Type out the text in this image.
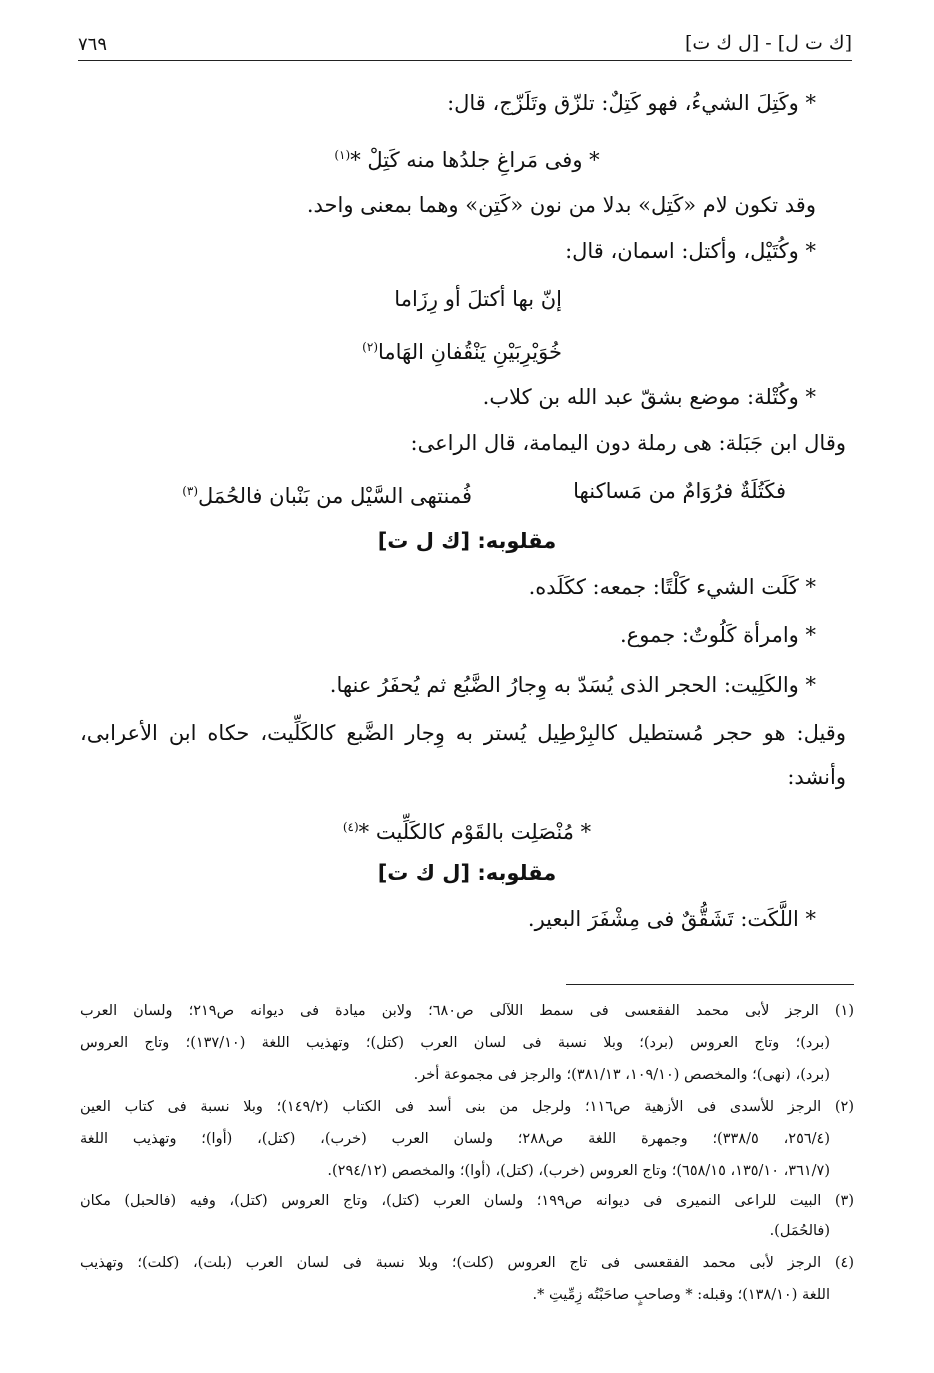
[ك ت ل] - [ل ك ت]
٧٦٩
* وكَتِلَ الشيءُ، فهو كَتِلٌ: تلزّق وتَلَزّج، قال:
* وفى مَراغِ جلدُها منه كَتِلْ *$^{(١)}$
وقد تكون لام «كَتِل» بدلا من نون «كَتِن» وهما بمعنى واحد.
* وكُتَيْل، وأكتل: اسمان، قال:
إنّ بها أكتلَ أو رِزَاما
خُوَيْرِبَيْنِ يَنْقُفانِ الهَاما$^{(٢)}$
* وكُتْلة: موضع بشقّ عبد الله بن كلاب.
وقال ابن جَبَلة: هى رملة دون اليمامة، قال الراعى:
فكَتُلَةٌ فرُوَامٌ من مَساكنها
فُمنتهى السَّيْل من بَنْبان فالحُمَل$^{(٣)}$
مقلوبه: [ك ل ت]
* كَلَت الشيء كَلْتًا: جمعه: ككَلَده.
* وامرأة كَلُوتٌ: جموع.
* والكَلِيت: الحجر الذى يُسَدّ به وِجارُ الضَّبُع ثم يُحفَرُ عنها.
وقيل: هو حجر مُستطيل كالبِرْطِيل يُستر به وِجار الضَّبع كالكَلِّيت، حكاه ابن الأعرابى،
وأنشد:
* مُنْصَلِت بالقَوْم كالكَلِّيت *$^{(٤)}$
مقلوبه: [ل ك ت]
* اللَّكَت: تَشَقُّقٌ فى مِشْفَرَ البعير.
(١) الرجز لأبى محمد الفقعسى فى سمط اللآلى ص٦٨٠؛ ولابن ميادة فى ديوانه ص٢١٩؛ ولسان العرب
(برد)؛ وتاج العروس (برد)؛ وبلا نسبة فى لسان العرب (كتل)؛ وتهذيب اللغة (١٣٧/١٠)؛ وتاج العروس
(برد)، (نهى)؛ والمخصص (١٠٩/١٠، ٣٨١/١٣)؛ والرجز فى مجموعة أخر.
(٢) الرجز للأسدى فى الأزهية ص١١٦؛ ولرجل من بنى أسد فى الكتاب (١٤٩/٢)؛ وبلا نسبة فى كتاب العين
(٢٥٦/٤، ٣٣٨/٥)؛ وجمهرة اللغة ص٢٨٨؛ ولسان العرب (خرب)، (كتل)، (أوا)؛ وتهذيب اللغة
(٣٦١/٧، ١٣٥/١٠، ٦٥٨/١٥)؛ وتاج العروس (خرب)، (كتل)، (أوا)؛ والمخصص (٢٩٤/١٢).
(٣) البيت للراعى النميرى فى ديوانه ص١٩٩؛ ولسان العرب (كتل)، وتاج العروس (كتل)، وفيه (فالحبل) مكان
(فالحُمَل).
(٤) الرجز لأبى محمد الفقعسى فى تاج العروس (كلت)؛ وبلا نسبة فى لسان العرب (بلت)، (كلت)؛ وتهذيب
اللغة (١٣٨/١٠)؛ وقبله: * وصاحبٍ صاحَبْتُه زِمِّيتِ *.
